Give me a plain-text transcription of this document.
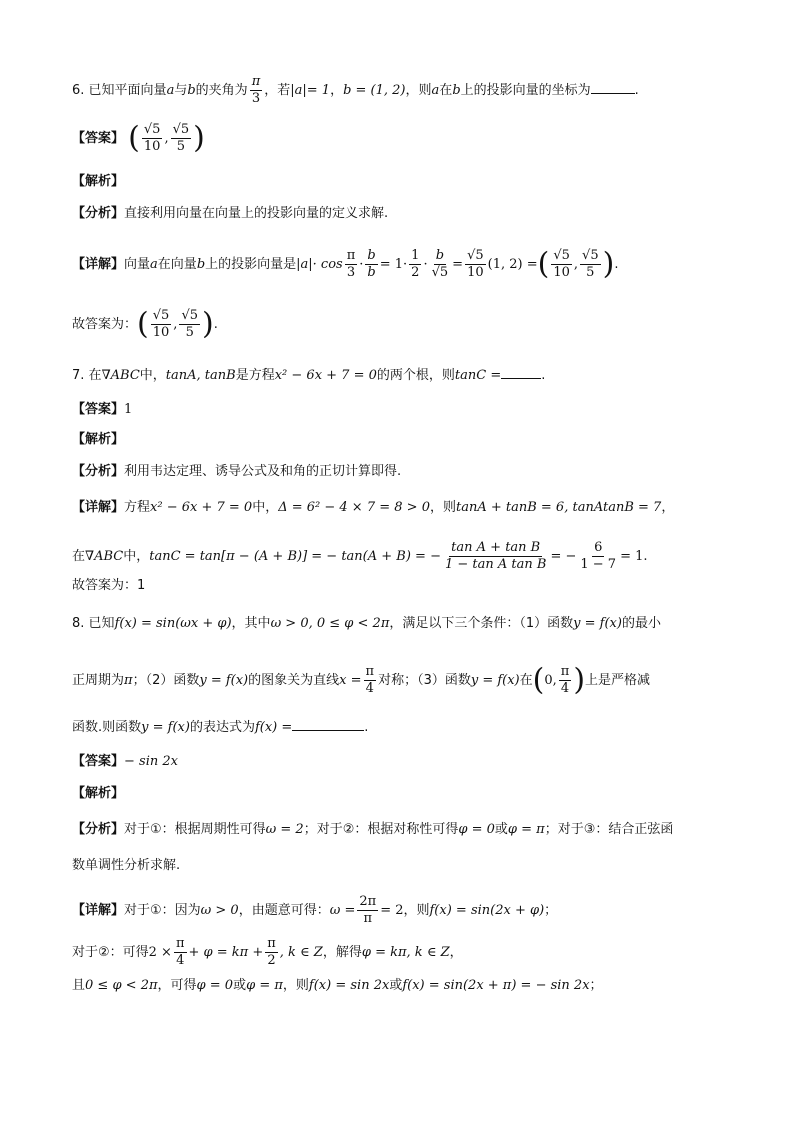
6. 已知平面向量a与b的夹角为 $\frac{\pi}{3}$ ，若|a|= 1，b = (1, 2)，则a在b上的投影向量的坐标为	.
【答案】 ( $\frac{√5}{10}$ , $\frac{√5}{5}$ )
【解析】
【分析】直接利用向量在向量上的投影向量的定义求解.
【详解】向量a在向量b上的投影向量是$|a|\cdot \cos \frac{\pi}{3} \cdot \frac{b}{b} = 1\cdot \frac{1}{2} \cdot \frac{b}{√5} = \frac{√5}{10} (1$, 2) =( $\frac{√5}{10}$ , $\frac{√5}{5}$ ).
故答案为：( $\frac{√5}{10}$ , $\frac{√5}{5}$ ).
7. 在∇ABC中，tanA, tanB是方程x² − 6x + 7 = 0的两个根，则tanC =	.
【答案】1
【解析】
【分析】利用韦达定理、诱导公式及和角的正切计算即得.
【详解】方程x² − 6x + 7 = 0中，Δ = 6² − 4 × 7 = 8 > 0，则tanA + tanB = 6, tanAtanB = 7，
在∇ABC中，tanC = tan[π − (A + B)] = − tan(A + B) = − $\frac{\text{tan A + tan B}}{\text{1 − tan A tan B}}$ = − $\frac{6}{1 - 7} = 1$.
故答案为：1
8. 已知f(x) = sin(ωx + φ)，其中ω > 0, 0 ≤ φ < 2π，满足以下三个条件：（1）函数y = f(x)的最小
正周期为π；（2）函数y = f(x)的图象关为直线$x = \frac{\pi}{4}$ 对称；（3）函数y = f(x)在(0, $\frac{\pi}{4}$ )上是严格减
函数.则函数y = f(x)的表达式为f(x) =	.
【答案】− sin 2x
【解析】
【分析】对于①：根据周期性可得ω = 2；对于②：根据对称性可得φ = 0或φ = π；对于③：结合正弦函
数单调性分析求解.
【详解】对于①：因为ω > 0，由题意可得：$\omega = \frac{2\pi}{\pi} = 2$，则f(x) = sin(2x + φ)；
对于②：可得$2 \times \frac{\pi}{4} + \varphi = k\pi + \frac{\pi}{2}$ , k ∈ Z，解得φ = kπ, k ∈ Z，
且0 ≤ φ < 2π，可得φ = 0或φ = π，则f(x) = sin 2x或f(x) = sin(2x + π) = − sin 2x；
